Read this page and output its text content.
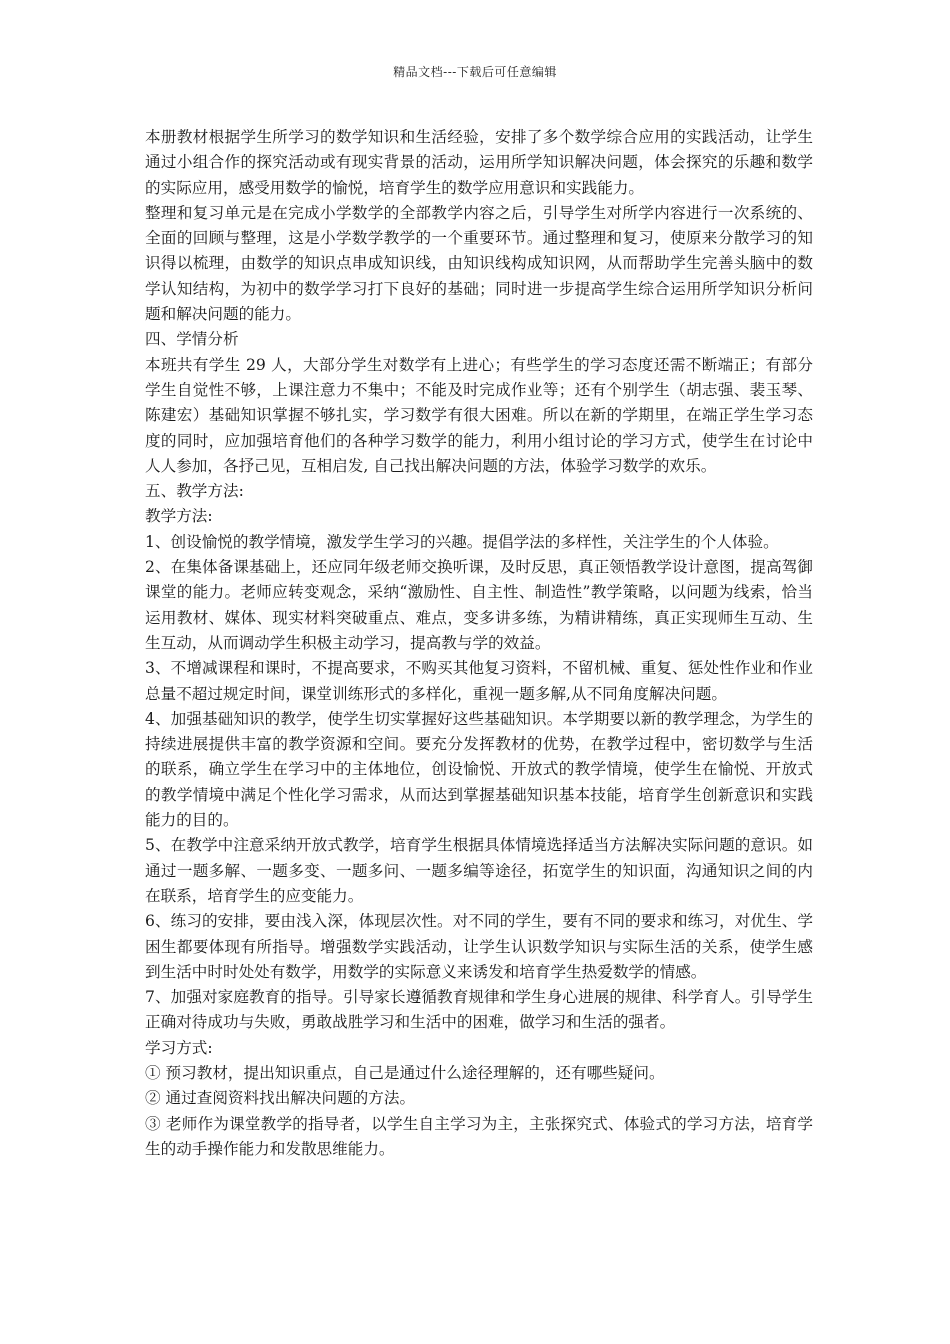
精品文档---下载后可任意编辑

本册教材根据学生所学习的数学知识和生活经验，安排了多个数学综合应用的实践活动，让学生通过小组合作的探究活动或有现实背景的活动，运用所学知识解决问题，体会探究的乐趣和数学的实际应用，感受用数学的愉悦，培育学生的数学应用意识和实践能力。

整理和复习单元是在完成小学数学的全部教学内容之后，引导学生对所学内容进行一次系统的、全面的回顾与整理，这是小学数学教学的一个重要环节。通过整理和复习，使原来分散学习的知识得以梳理，由数学的知识点串成知识线，由知识线构成知识网，从而帮助学生完善头脑中的数学认知结构，为初中的数学学习打下良好的基础；同时进一步提高学生综合运用所学知识分析问题和解决问题的能力。

四、学情分析

本班共有学生 29 人，大部分学生对数学有上进心；有些学生的学习态度还需不断端正；有部分学生自觉性不够，上课注意力不集中；不能及时完成作业等；还有个别学生（胡志强、裴玉琴、陈建宏）基础知识掌握不够扎实，学习数学有很大困难。所以在新的学期里，在端正学生学习态度的同时，应加强培育他们的各种学习数学的能力，利用小组讨论的学习方式，使学生在讨论中人人参加，各抒己见，互相启发, 自己找出解决问题的方法，体验学习数学的欢乐。

五、教学方法:

教学方法:

1、创设愉悦的教学情境，激发学生学习的兴趣。提倡学法的多样性，关注学生的个人体验。

2、在集体备课基础上，还应同年级老师交换听课，及时反思，真正领悟教学设计意图，提高驾御课堂的能力。老师应转变观念，采纳“激励性、自主性、制造性”教学策略，以问题为线索，恰当运用教材、媒体、现实材料突破重点、难点，变多讲多练，为精讲精练，真正实现师生互动、生生互动，从而调动学生积极主动学习，提高教与学的效益。

3、不增减课程和课时，不提高要求，不购买其他复习资料，不留机械、重复、惩处性作业和作业总量不超过规定时间，课堂训练形式的多样化，重视一题多解,从不同角度解决问题。

4、加强基础知识的教学，使学生切实掌握好这些基础知识。本学期要以新的教学理念，为学生的持续进展提供丰富的教学资源和空间。要充分发挥教材的优势，在教学过程中，密切数学与生活的联系，确立学生在学习中的主体地位，创设愉悦、开放式的教学情境，使学生在愉悦、开放式的教学情境中满足个性化学习需求，从而达到掌握基础知识基本技能，培育学生创新意识和实践能力的目的。

5、在教学中注意采纳开放式教学，培育学生根据具体情境选择适当方法解决实际问题的意识。如通过一题多解、一题多变、一题多问、一题多编等途径，拓宽学生的知识面，沟通知识之间的内在联系，培育学生的应变能力。

6、练习的安排，要由浅入深，体现层次性。对不同的学生，要有不同的要求和练习，对优生、学困生都要体现有所指导。增强数学实践活动，让学生认识数学知识与实际生活的关系，使学生感到生活中时时处处有数学，用数学的实际意义来诱发和培育学生热爱数学的情感。

7、加强对家庭教育的指导。引导家长遵循教育规律和学生身心进展的规律、科学育人。引导学生正确对待成功与失败，勇敢战胜学习和生活中的困难，做学习和生活的强者。

学习方式:

① 预习教材，提出知识重点，自己是通过什么途径理解的，还有哪些疑问。

② 通过查阅资料找出解决问题的方法。

③ 老师作为课堂教学的指导者，以学生自主学习为主，主张探究式、体验式的学习方法，培育学生的动手操作能力和发散思维能力。
